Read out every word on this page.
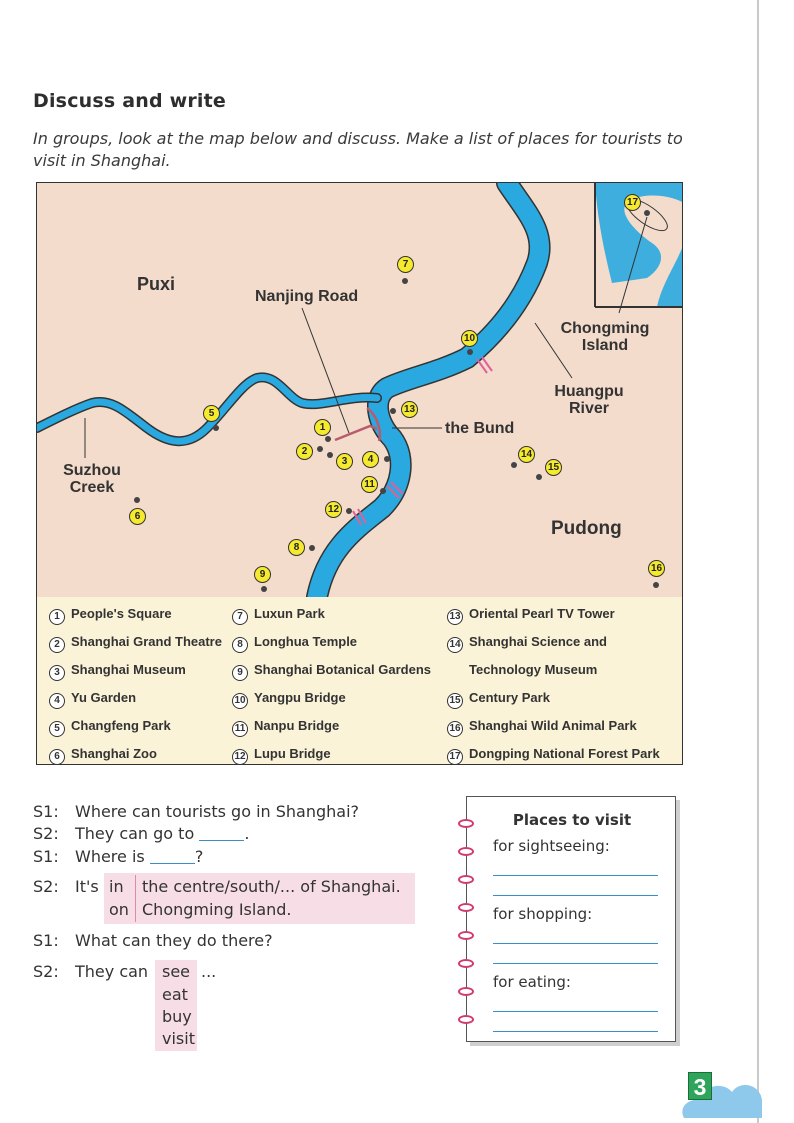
Discuss and write
In groups, look at the map below and discuss. Make a list of places for tourists to visit in Shanghai.
Puxi
Nanjing Road
Chongming
Island
Huangpu
River
the Bund
Suzhou
Creek
Pudong
7
10
5
1
2
3	4
13
11
12
8
9
6
14
15
16
17
1 People's Square
2 Shanghai Grand Theatre
3 Shanghai Museum
4 Yu Garden
5 Changfeng Park
6 Shanghai Zoo
7 Luxun Park
8 Longhua Temple
9 Shanghai Botanical Gardens
10 Yangpu Bridge
11 Nanpu Bridge
12 Lupu Bridge
13 Oriental Pearl TV Tower
14 Shanghai Science and
Technology Museum
15 Century Park
16 Shanghai Wild Animal Park
17 Dongping National Forest Park
S1: Where can tourists go in Shanghai?
S2: They can go to	.
S1: Where is	?
S2: It's in the centre/south/... of Shanghai.
on Chongming Island.
S1: What can they do there?
S2: They can see ...
eat
buy
visit
Places to visit
for sightseeing:
for shopping:
for eating:
3
